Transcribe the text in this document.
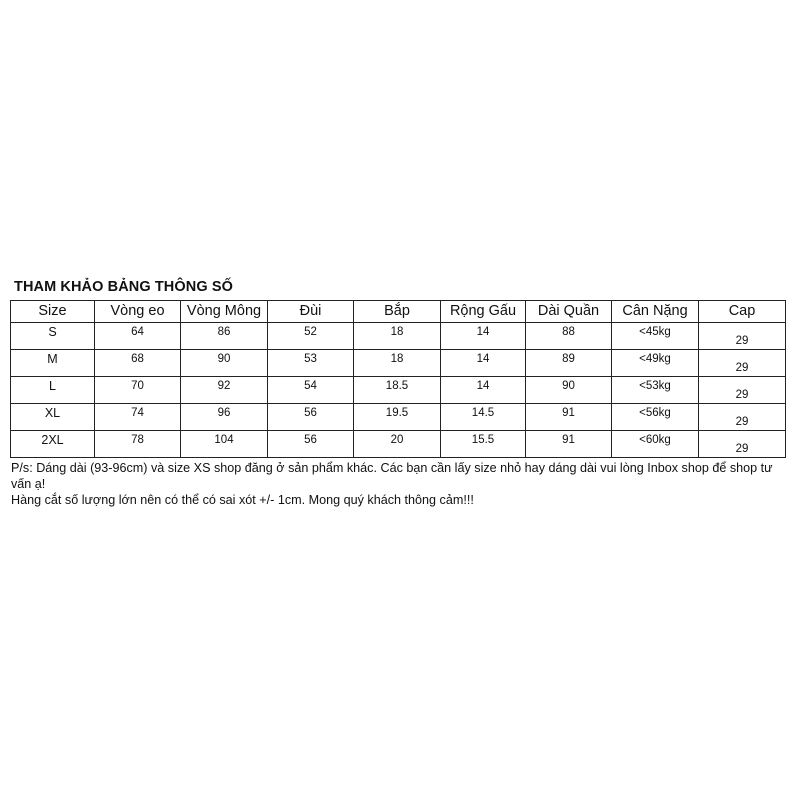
THAM KHẢO BẢNG THÔNG SỐ
Size	Vòng eo	Vòng Mông	Đùi	Bắp	Rộng Gấu	Dài Quần	Cân Nặng	Cap
S	64	86	52	18	14	88	<45kg	29
M	68	90	53	18	14	89	<49kg	29
L	70	92	54	18.5	14	90	<53kg	29
XL	74	96	56	19.5	14.5	91	<56kg	29
2XL	78	104	56	20	15.5	91	<60kg	29

P/s: Dáng dài (93-96cm) và size XS shop đăng ở sản phẩm khác. Các bạn cần lấy size nhỏ hay dáng dài vui lòng Inbox shop để shop tư vấn ạ!

Hàng cắt số lượng lớn nên có thể có sai xót +/- 1cm. Mong quý khách thông cảm!!!
